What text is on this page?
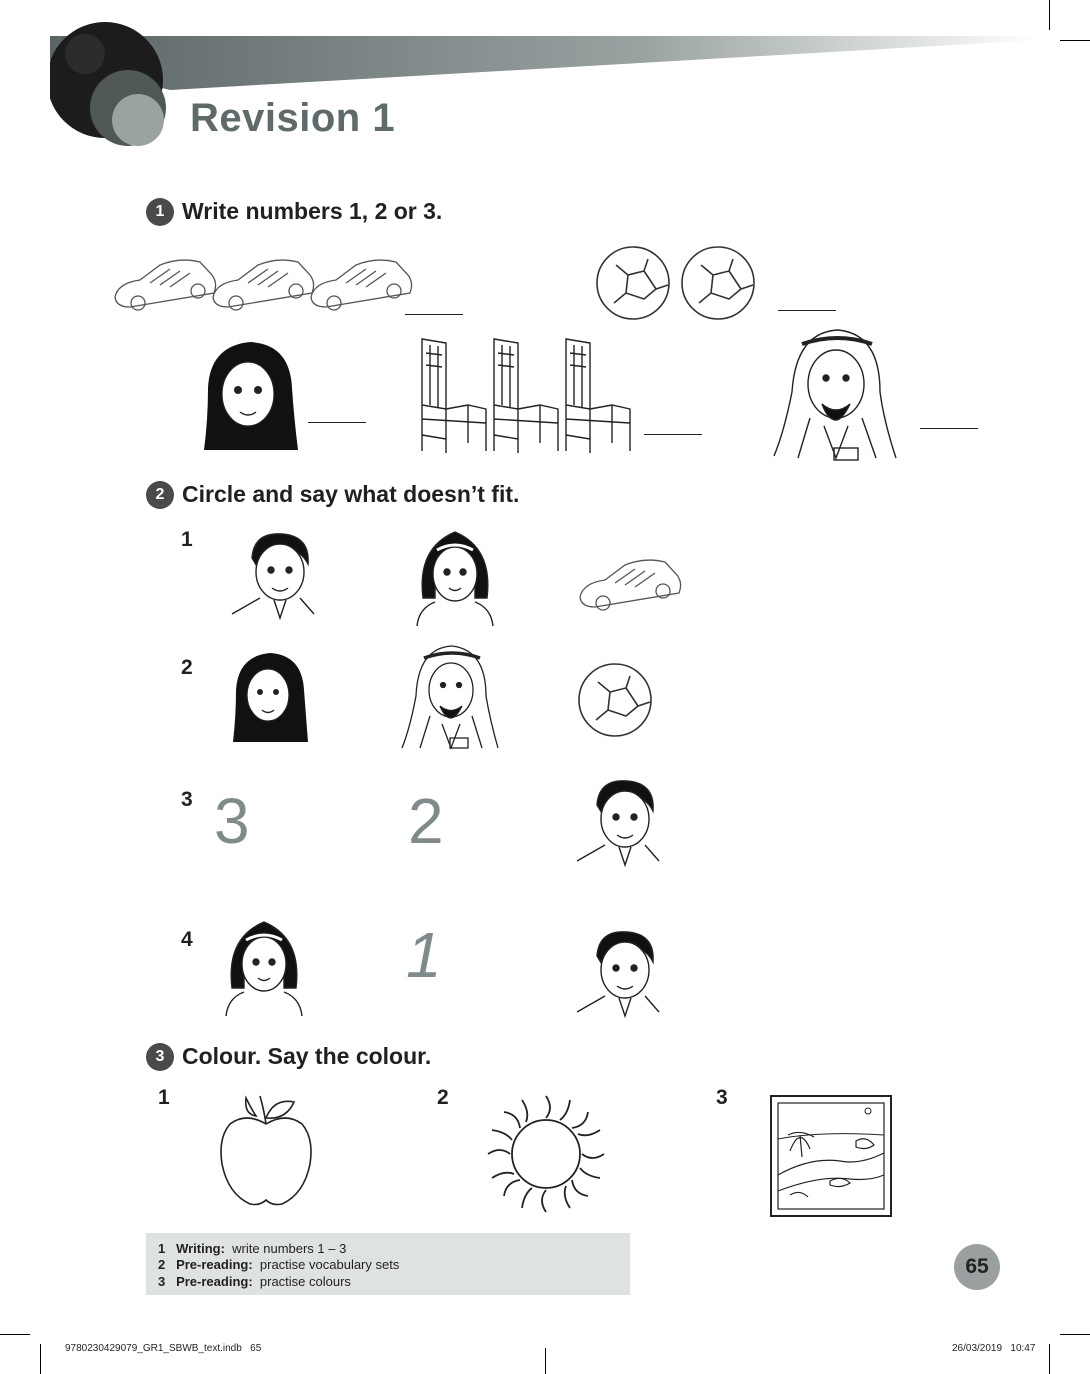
Revision 1
1 Write numbers 1, 2 or 3.
2 Circle and say what doesn’t fit.
1
2
3
4
3 2
1
3 Colour. Say the colour.
1	2	3
1 Writing: write numbers 1 – 3
2 Pre-reading: practise vocabulary sets
3 Pre-reading: practise colours
65
9780230429079_GR1_SBWB_text.indb   65	26/03/2019   10:47
